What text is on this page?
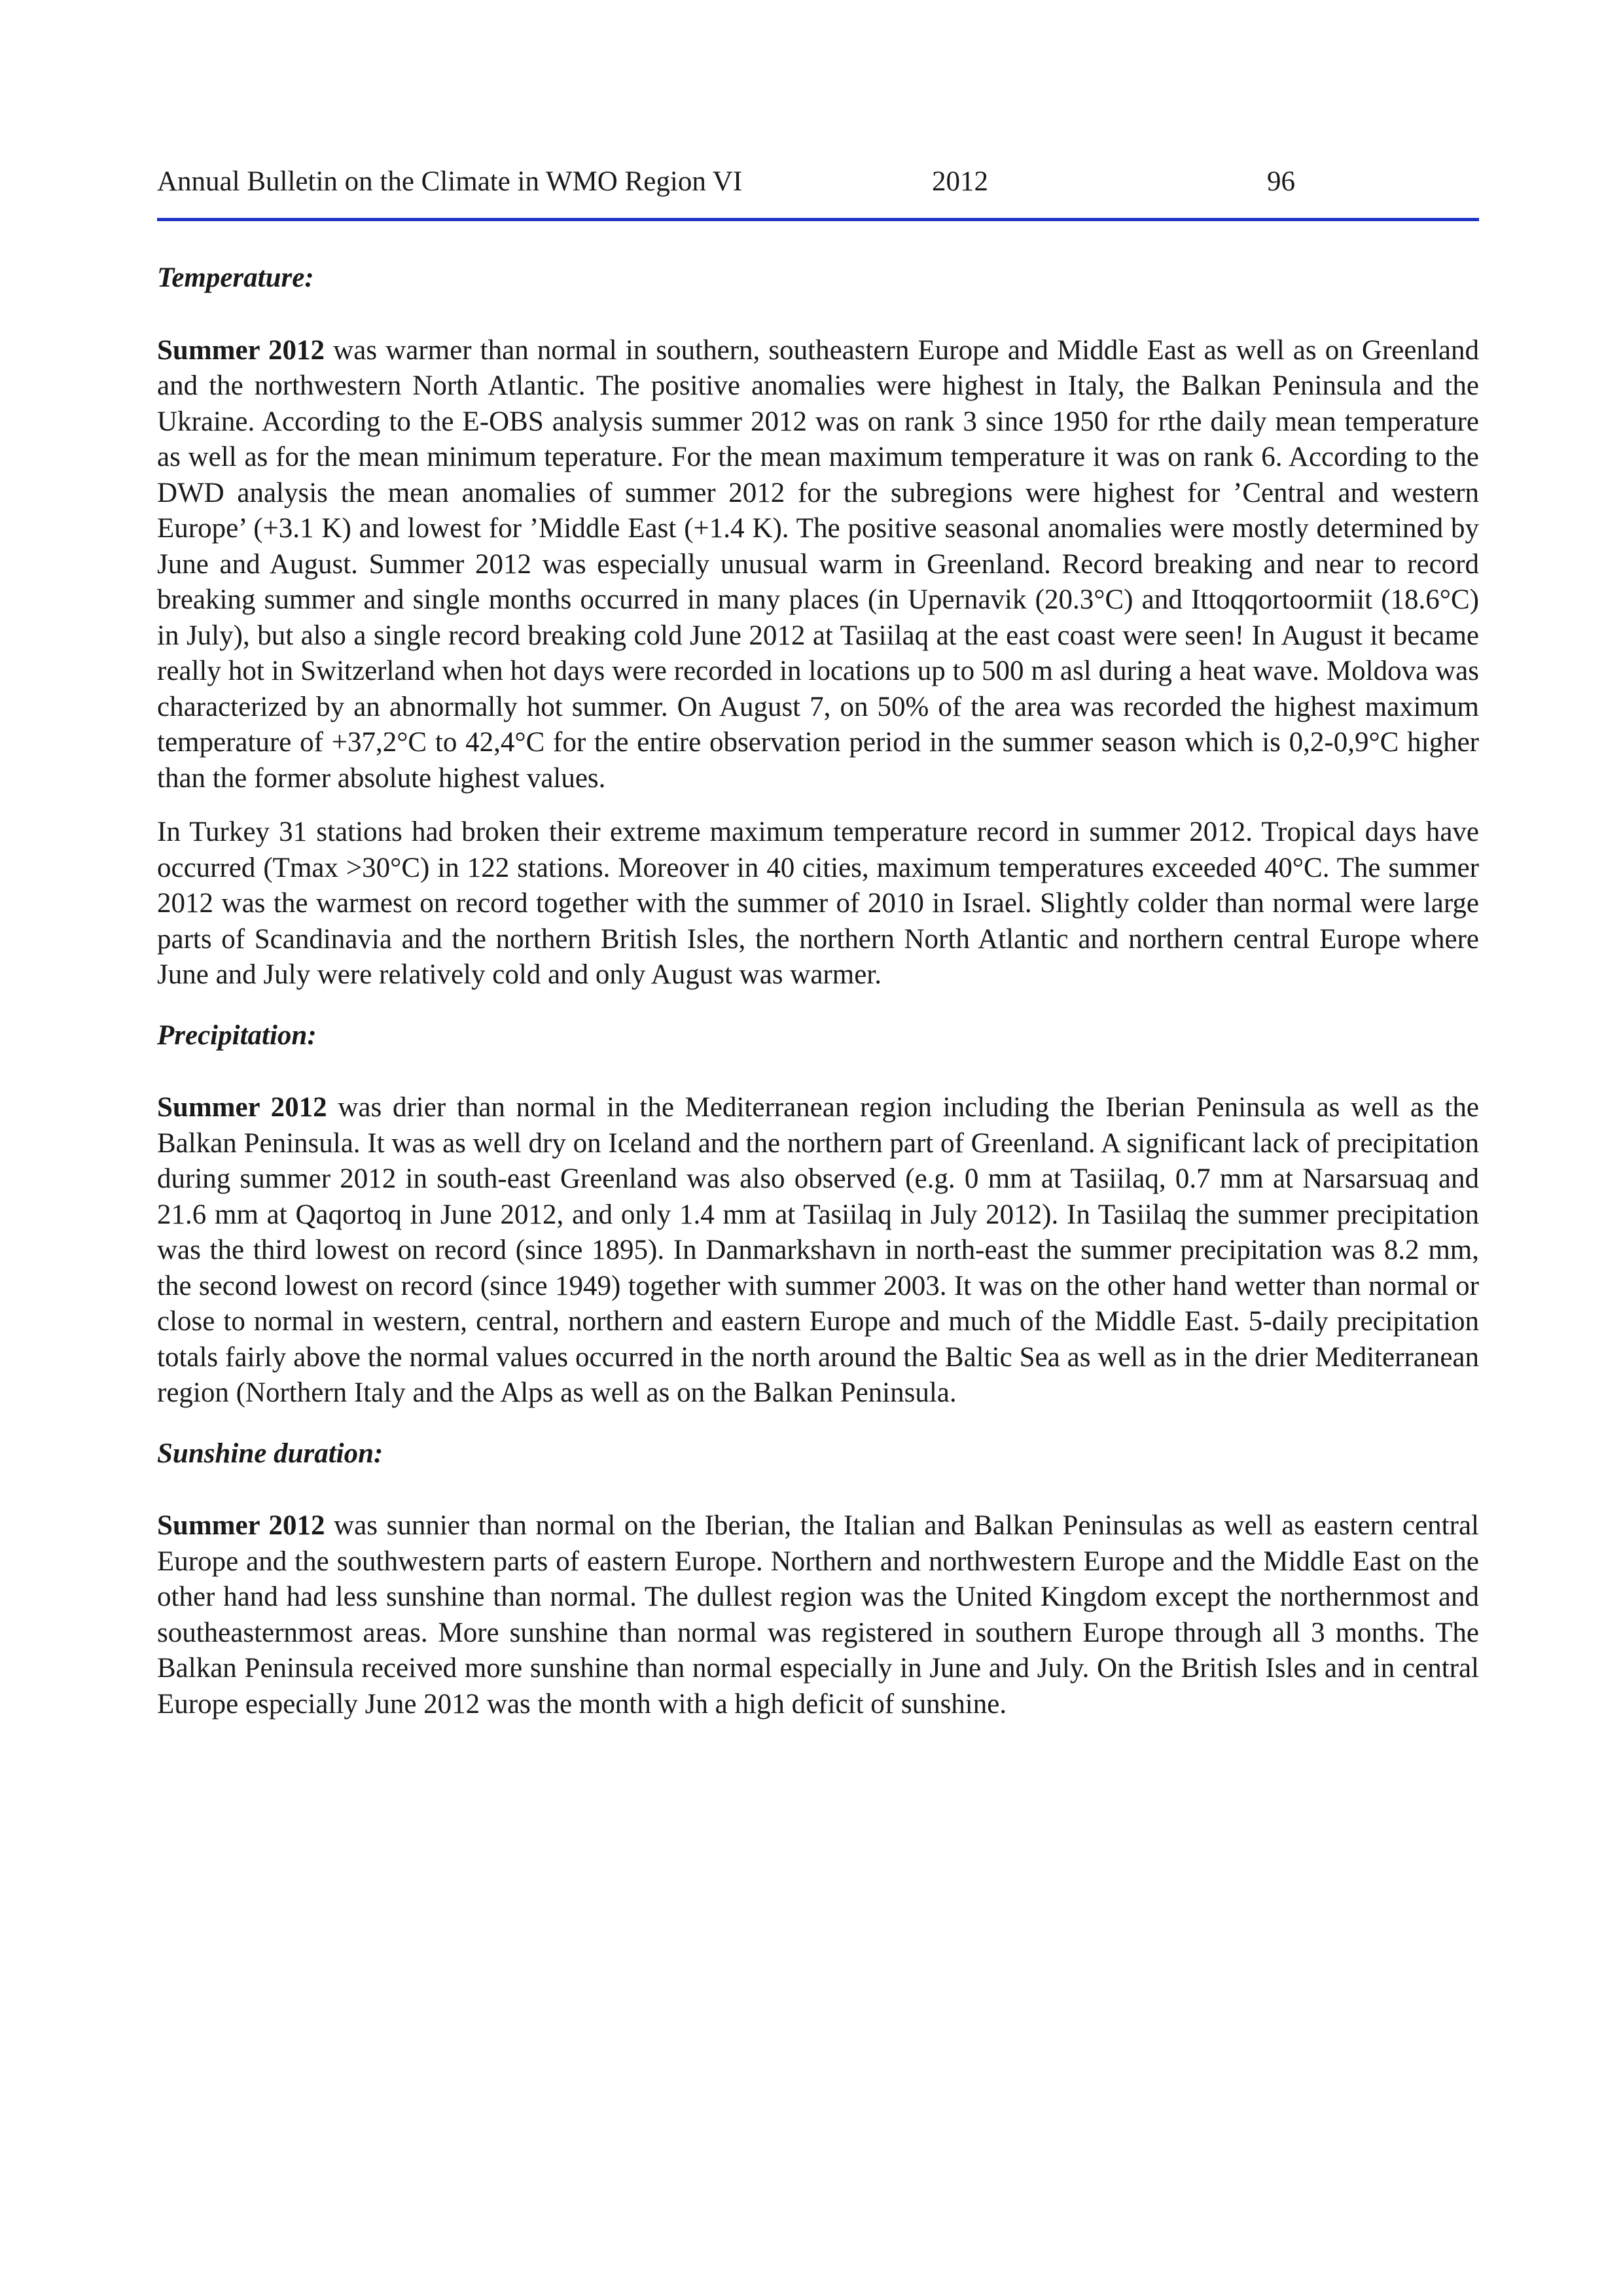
Annual Bulletin on the Climate in WMO Region VI	2012	96
Temperature:

Summer 2012 was warmer than normal in southern, southeastern Europe and Middle East as well as on Greenland and the northwestern North Atlantic. The positive anomalies were highest in Italy, the Balkan Peninsula and the Ukraine. According to the E-OBS analysis summer 2012 was on rank 3 since 1950 for rthe daily mean temperature as well as for the mean minimum teperature. For the mean maximum temperature it was on rank 6. According to the DWD analysis the mean anomalies of summer 2012 for the subregions were highest for ’Central and western Europe’ (+3.1 K) and lowest for ’Middle East (+1.4 K). The positive seasonal anomalies were mostly determined by June and August. Summer 2012 was especially unusual warm in Greenland. Record breaking and near to record breaking summer and single months occurred in many places (in Upernavik (20.3°C) and Ittoqqortoormiit (18.6°C) in July), but also a single record breaking cold June 2012 at Tasiilaq at the east coast were seen! In August it became really hot in Switzerland when hot days were recorded in locations up to 500 m asl during a heat wave. Moldova was characterized by an abnormally hot summer. On August 7, on 50% of the area was recorded the highest maximum temperature of +37,2°C to 42,4°C for the entire observation period in the summer season which is 0,2-0,9°C higher than the former absolute highest values.

In Turkey 31 stations had broken their extreme maximum temperature record in summer 2012. Tropical days have occurred (Tmax >30°C) in 122 stations. Moreover in 40 cities, maximum temperatures exceeded 40°C. The summer 2012 was the warmest on record together with the summer of 2010 in Israel. Slightly colder than normal were large parts of Scandinavia and the northern British Isles, the northern North Atlantic and northern central Europe where June and July were relatively cold and only August was warmer.

Precipitation:

Summer 2012 was drier than normal in the Mediterranean region including the Iberian Peninsula as well as the Balkan Peninsula. It was as well dry on Iceland and the northern part of Greenland. A significant lack of precipitation during summer 2012 in south-east Greenland was also observed (e.g. 0 mm at Tasiilaq, 0.7 mm at Narsarsuaq and 21.6 mm at Qaqortoq in June 2012, and only 1.4 mm at Tasiilaq in July 2012). In Tasiilaq the summer precipitation was the third lowest on record (since 1895). In Danmarkshavn in north-east the summer precipitation was 8.2 mm, the second lowest on record (since 1949) together with summer 2003. It was on the other hand wetter than normal or close to normal in western, central, northern and eastern Europe and much of the Middle East. 5-daily precipitation totals fairly above the normal values occurred in the north around the Baltic Sea as well as in the drier Mediterranean region (Northern Italy and the Alps as well as on the Balkan Peninsula.

Sunshine duration:

Summer 2012 was sunnier than normal on the Iberian, the Italian and Balkan Peninsulas as well as eastern central Europe and the southwestern parts of eastern Europe. Northern and northwestern Europe and the Middle East on the other hand had less sunshine than normal. The dullest region was the United Kingdom except the northernmost and southeasternmost areas. More sunshine than normal was registered in southern Europe through all 3 months. The Balkan Peninsula received more sunshine than normal especially in June and July. On the British Isles and in central Europe especially June 2012 was the month with a high deficit of sunshine.
